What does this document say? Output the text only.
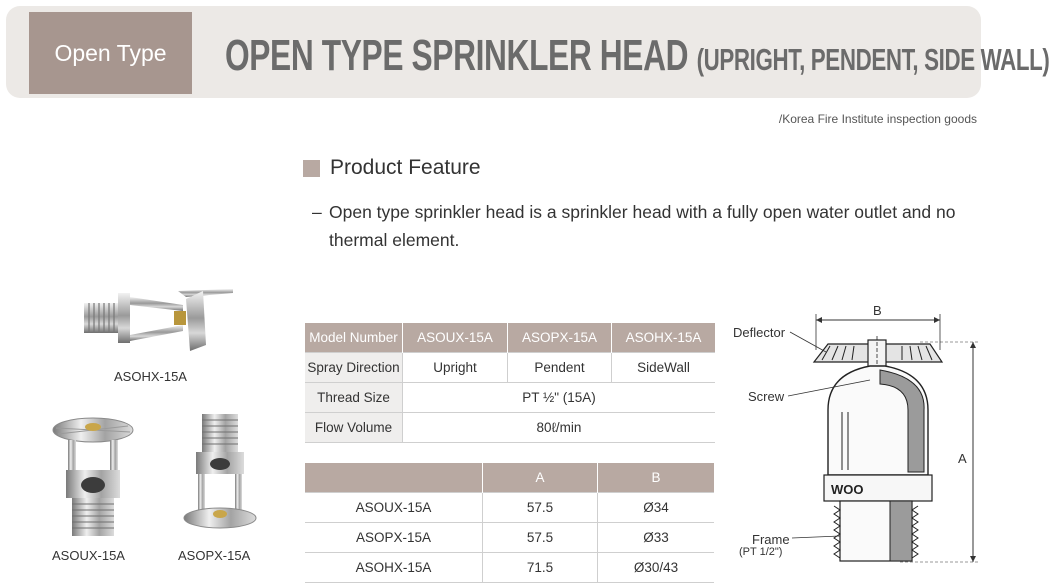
Open Type	OPEN TYPE SPRINKLER HEAD (UPRIGHT, PENDENT, SIDE WALL)
/Korea Fire Institute inspection goods
Product Feature
– Open type sprinkler head is a sprinkler head with a fully open water outlet and no thermal element.
ASOHX-15A
ASOUX-15A	ASOPX-15A
Model Number	ASOUX-15A	ASOPX-15A	ASOHX-15A
Spray Direction	Upright	Pendent	SideWall
Thread Size	PT ½" (15A)		
Flow Volume	80ℓ/min		
	A	B
ASOUX-15A	57.5	Ø34
ASOPX-15A	57.5	Ø33
ASOHX-15A	71.5	Ø30/43
WOO
Deflector
Screw
Frame
(PT 1/2")
B
A
